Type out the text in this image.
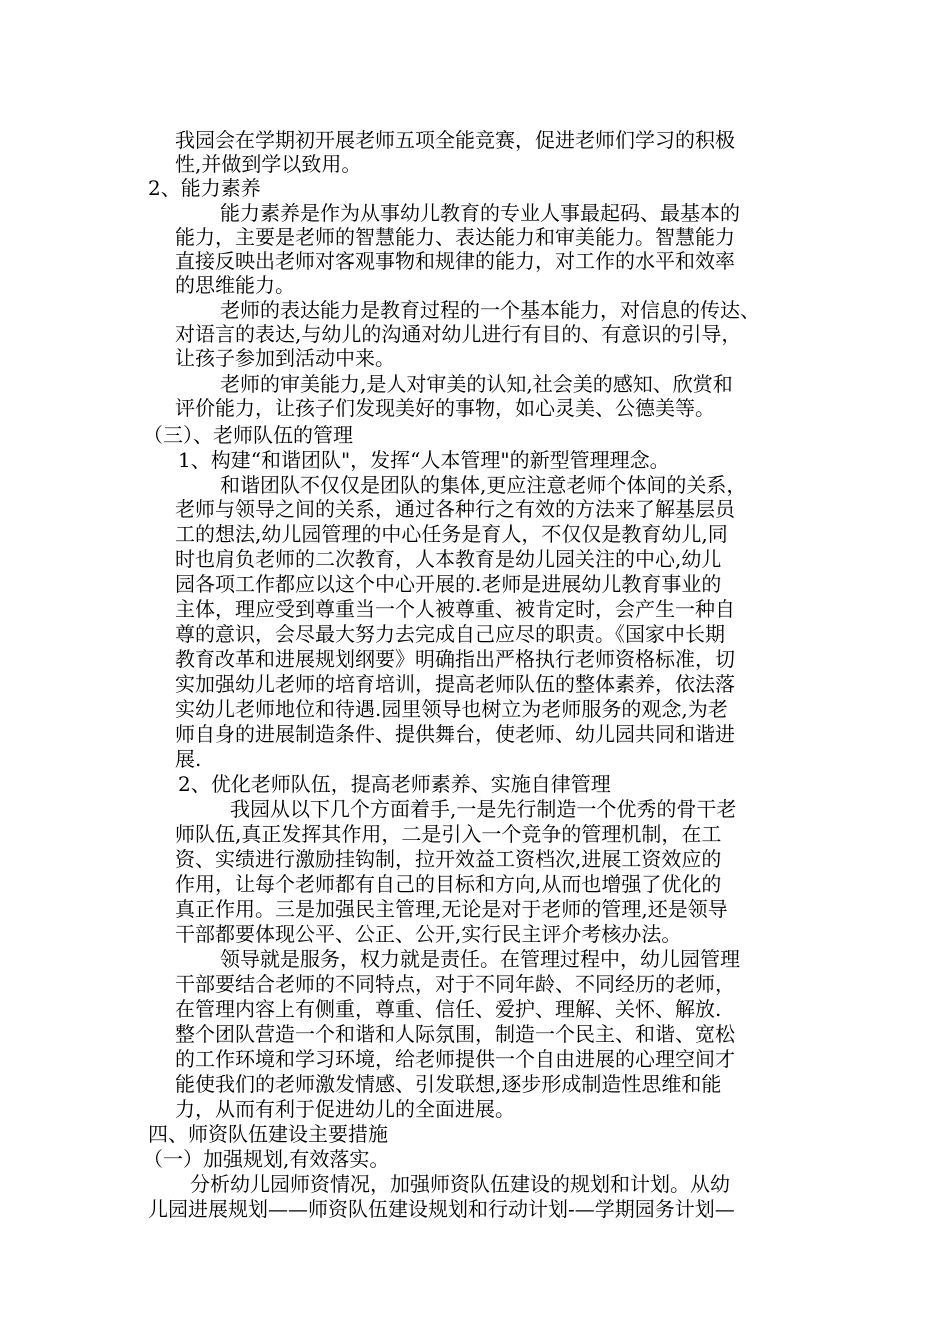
我园会在学期初开展老师五项全能竞赛，促进老师们学习的积极
性,并做到学以致用。
2、能力素养
能力素养是作为从事幼儿教育的专业人事最起码、最基本的
能力，主要是老师的智慧能力、表达能力和审美能力。智慧能力
直接反映出老师对客观事物和规律的能力，对工作的水平和效率
的思维能力。
老师的表达能力是教育过程的一个基本能力，对信息的传达、
对语言的表达,与幼儿的沟通对幼儿进行有目的、有意识的引导，
让孩子参加到活动中来。
老师的审美能力,是人对审美的认知,社会美的感知、欣赏和
评价能力，让孩子们发现美好的事物，如心灵美、公德美等。
（三）、老师队伍的管理
1、构建“和谐团队"，发挥“人本管理"的新型管理理念。
和谐团队不仅仅是团队的集体,更应注意老师个体间的关系，
老师与领导之间的关系，通过各种行之有效的方法来了解基层员
工的想法,幼儿园管理的中心任务是育人，不仅仅是教育幼儿,同
时也肩负老师的二次教育，人本教育是幼儿园关注的中心,幼儿
园各项工作都应以这个中心开展的.老师是进展幼儿教育事业的
主体，理应受到尊重当一个人被尊重、被肯定时，会产生一种自
尊的意识，会尽最大努力去完成自己应尽的职责。《国家中长期
教育改革和进展规划纲要》明确指出严格执行老师资格标准，切
实加强幼儿老师的培育培训，提高老师队伍的整体素养，依法落
实幼儿老师地位和待遇.园里领导也树立为老师服务的观念,为老
师自身的进展制造条件、提供舞台，使老师、幼儿园共同和谐进
展.
2、优化老师队伍，提高老师素养、实施自律管理
我园从以下几个方面着手,一是先行制造一个优秀的骨干老
师队伍,真正发挥其作用，二是引入一个竞争的管理机制，在工
资、实绩进行激励挂钩制，拉开效益工资档次,进展工资效应的
作用，让每个老师都有自己的目标和方向,从而也增强了优化的
真正作用。三是加强民主管理,无论是对于老师的管理,还是领导
干部都要体现公平、公正、公开,实行民主评介考核办法。
领导就是服务，权力就是责任。在管理过程中，幼儿园管理
干部要结合老师的不同特点，对于不同年龄、不同经历的老师，
在管理内容上有侧重，尊重、信任、爱护、理解、关怀、解放.
整个团队营造一个和谐和人际氛围，制造一个民主、和谐、宽松
的工作环境和学习环境，给老师提供一个自由进展的心理空间才
能使我们的老师激发情感、引发联想,逐步形成制造性思维和能
力，从而有利于促进幼儿的全面进展。
四、师资队伍建设主要措施
（一）加强规划,有效落实。
分析幼儿园师资情况，加强师资队伍建设的规划和计划。从幼
儿园进展规划——师资队伍建设规划和行动计划-—学期园务计划—
